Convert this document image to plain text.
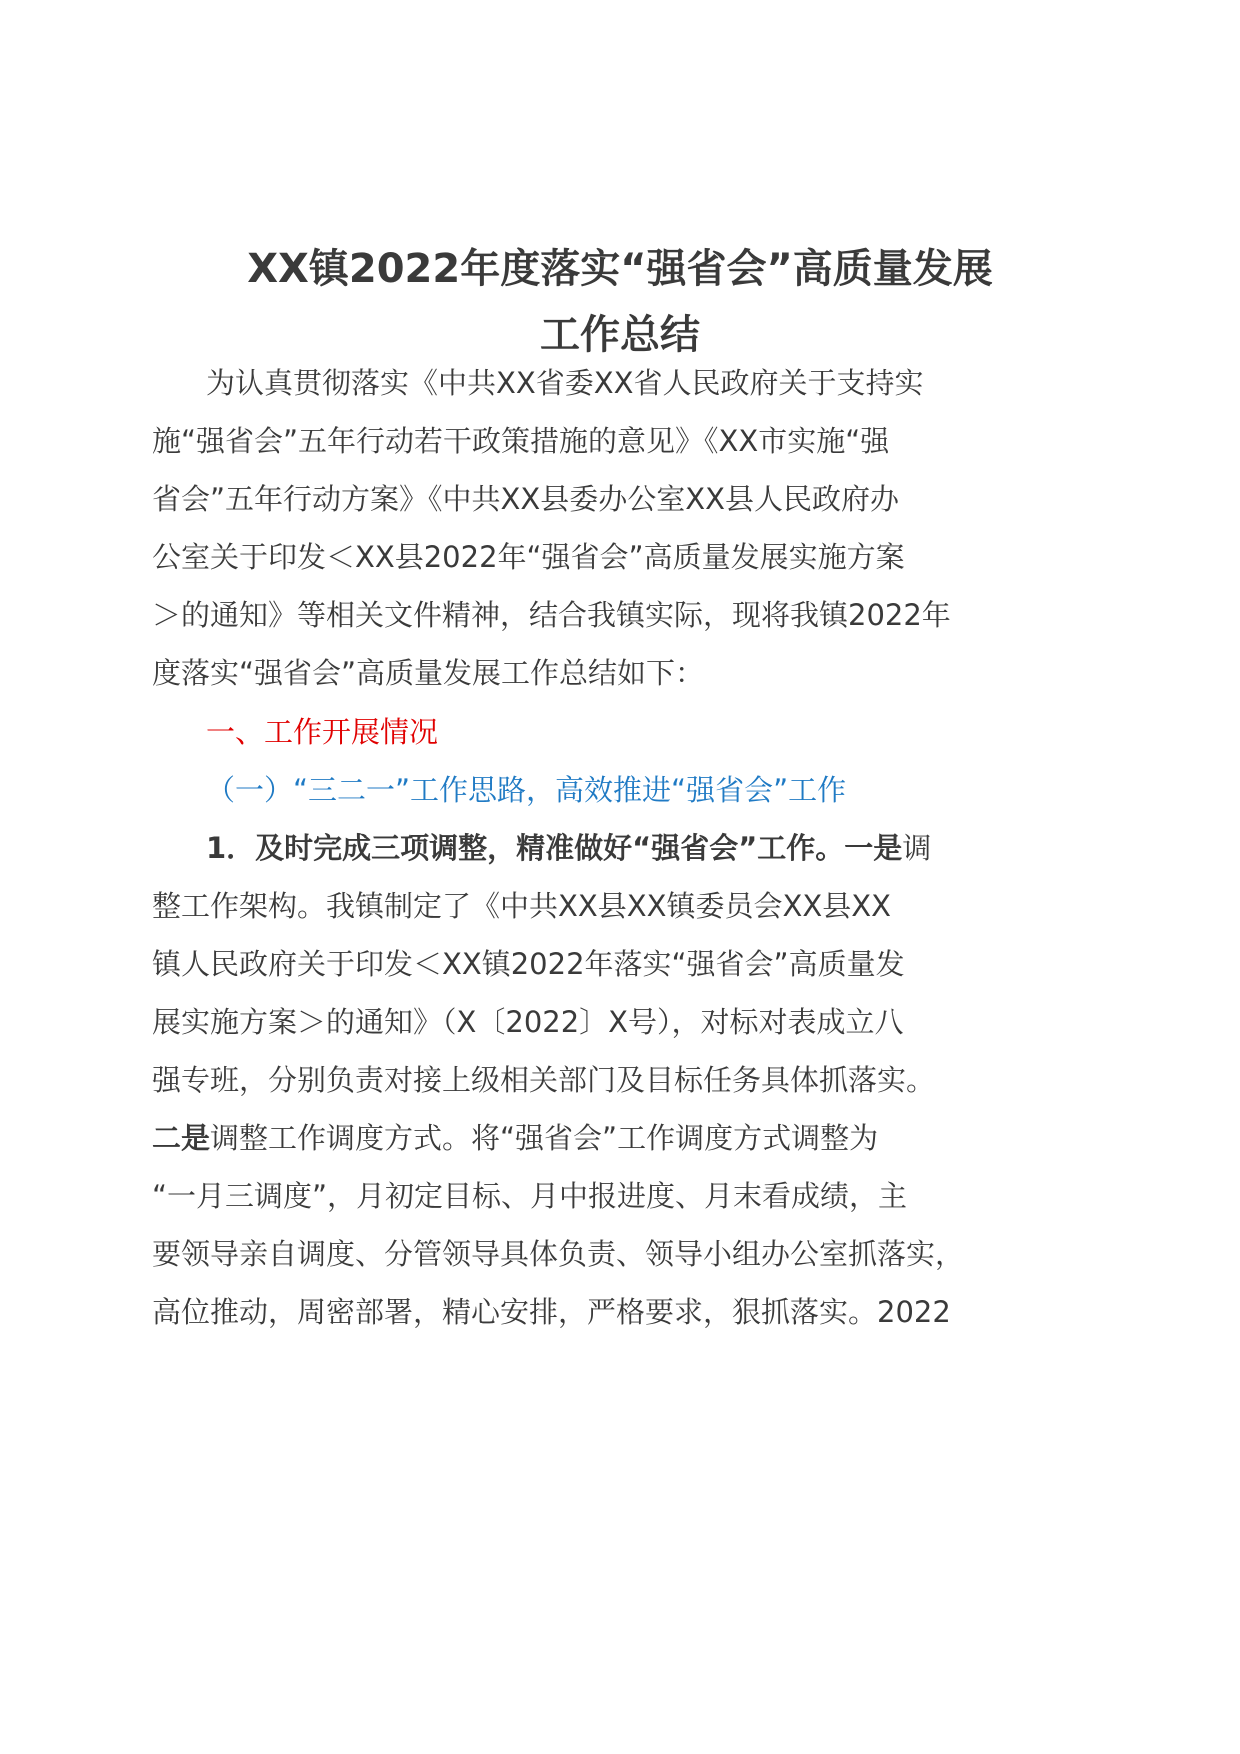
XX镇2022年度落实“强省会”高质量发展
工作总结
为认真贯彻落实《中共XX省委XX省人民政府关于支持实
施“强省会”五年行动若干政策措施的意见》《XX市实施“强
省会”五年行动方案》《中共XX县委办公室XX县人民政府办
公室关于印发＜XX县2022年“强省会”高质量发展实施方案
＞的通知》等相关文件精神，结合我镇实际，现将我镇2022年
度落实“强省会”高质量发展工作总结如下：
一、工作开展情况
（一）“三二一”工作思路，高效推进“强省会”工作
1．及时完成三项调整，精准做好“强省会”工作。一是调
整工作架构。我镇制定了《中共XX县XX镇委员会XX县XX
镇人民政府关于印发＜XX镇2022年落实“强省会”高质量发
展实施方案＞的通知》（X〔2022〕X号），对标对表成立八
强专班，分别负责对接上级相关部门及目标任务具体抓落实。
二是调整工作调度方式。将“强省会”工作调度方式调整为
“一月三调度”，月初定目标、月中报进度、月末看成绩，主
要领导亲自调度、分管领导具体负责、领导小组办公室抓落实，
高位推动，周密部署，精心安排，严格要求，狠抓落实。2022
